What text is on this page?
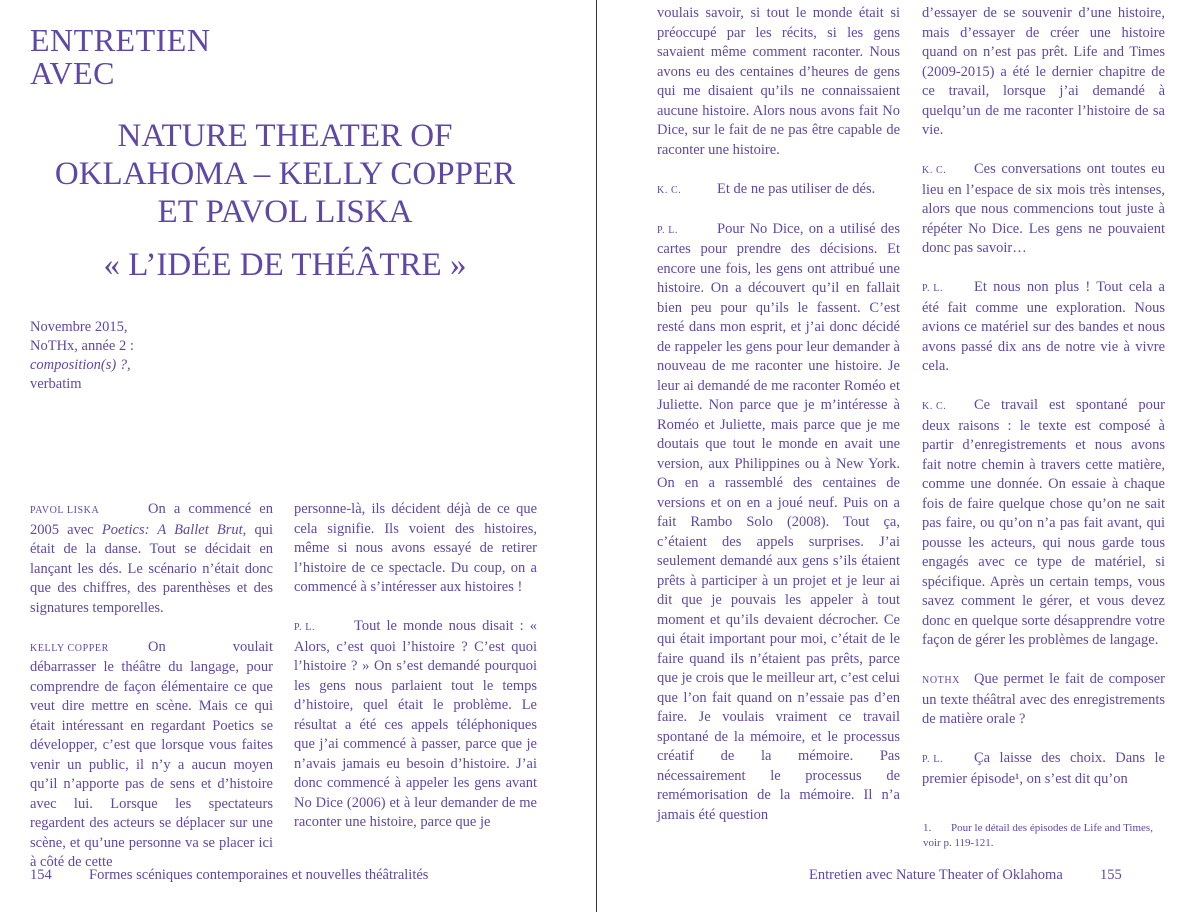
ENTRETIEN
AVEC
NATURE THEATER OF
OKLAHOMA – KELLY COPPER
ET PAVOL LISKA
« L’IDÉE DE THÉÂTRE »
Novembre 2015,
NoTHx, année 2 :
composition(s) ?,
verbatim

PAVOL LISKA	On a commencé en 2005 avec Poetics: A Ballet Brut, qui était de la danse. Tout se décidait en lançant les dés. Le scénario n’était donc que des chiffres, des parenthèses et des signatures temporelles.

KELLY COPPER	On voulait débarrasser le théâtre du langage, pour comprendre de façon élémentaire ce que veut dire mettre en scène. Mais ce qui était intéressant en regardant Poetics se développer, c’est que lorsque vous faites venir un public, il n’y a aucun moyen qu’il n’apporte pas de sens et d’histoire avec lui. Lorsque les spectateurs regardent des acteurs se déplacer sur une scène, et qu’une personne va se placer ici à côté de cette

personne-là, ils décident déjà de ce que cela signifie. Ils voient des histoires, même si nous avons essayé de retirer l’histoire de ce spectacle. Du coup, on a commencé à s’intéresser aux histoires !

P. L.	Tout le monde nous disait : « Alors, c’est quoi l’histoire ? C’est quoi l’histoire ? » On s’est demandé pourquoi les gens nous parlaient tout le temps d’histoire, quel était le problème. Le résultat a été ces appels téléphoniques que j’ai commencé à passer, parce que je n’avais jamais eu besoin d’histoire. J’ai donc commencé à appeler les gens avant No Dice (2006) et à leur demander de me raconter une histoire, parce que je

154	Formes scéniques contemporaines et nouvelles théâtralités

voulais savoir, si tout le monde était si préoccupé par les récits, si les gens savaient même comment raconter. Nous avons eu des centaines d’heures de gens qui me disaient qu’ils ne connaissaient aucune histoire. Alors nous avons fait No Dice, sur le fait de ne pas être capable de raconter une histoire.

K. C. Et de ne pas utiliser de dés.

P. L.	Pour No Dice, on a utilisé des cartes pour prendre des décisions. Et encore une fois, les gens ont attribué une histoire. On a découvert qu’il en fallait bien peu pour qu’ils le fassent. C’est resté dans mon esprit, et j’ai donc décidé de rappeler les gens pour leur demander à nouveau de me raconter une histoire. Je leur ai demandé de me raconter Roméo et Juliette. Non parce que je m’intéresse à Roméo et Juliette, mais parce que je me doutais que tout le monde en avait une version, aux Philippines ou à New York. On en a rassemblé des centaines de versions et on en a joué neuf. Puis on a fait Rambo Solo (2008). Tout ça, c’étaient des appels surprises. J’ai seulement demandé aux gens s’ils étaient prêts à participer à un projet et je leur ai dit que je pouvais les appeler à tout moment et qu’ils devaient décrocher. Ce qui était important pour moi, c’était de le faire quand ils n’étaient pas prêts, parce que je crois que le meilleur art, c’est celui que l’on fait quand on n’essaie pas d’en faire. Je voulais vraiment ce travail spontané de la mémoire, et le processus créatif de la mémoire. Pas nécessairement le processus de remémorisation de la mémoire. Il n’a jamais été question

d’essayer de se souvenir d’une histoire, mais d’essayer de créer une histoire quand on n’est pas prêt. Life and Times (2009-2015) a été le dernier chapitre de ce travail, lorsque j’ai demandé à quelqu’un de me raconter l’histoire de sa vie.

K. C. Ces conversations ont toutes eu lieu en l’espace de six mois très intenses, alors que nous commencions tout juste à répéter No Dice. Les gens ne pouvaient donc pas savoir…

P. L. Et nous non plus ! Tout cela a été fait comme une exploration. Nous avions ce matériel sur des bandes et nous avons passé dix ans de notre vie à vivre cela.

K. C. Ce travail est spontané pour deux raisons : le texte est composé à partir d’enregistrements et nous avons fait notre chemin à travers cette matière, comme une donnée. On essaie à chaque fois de faire quelque chose qu’on ne sait pas faire, ou qu’on n’a pas fait avant, qui pousse les acteurs, qui nous garde tous engagés avec ce type de matériel, si spécifique. Après un certain temps, vous savez comment le gérer, et vous devez donc en quelque sorte désapprendre votre façon de gérer les problèmes de langage.

NOTHX Que permet le fait de composer un texte théâtral avec des enregistrements de matière orale ?

P. L. Ça laisse des choix. Dans le premier épisode¹, on s’est dit qu’on

Entretien avec Nature Theater of Oklahoma	155
1. Pour le détail des épisodes de Life and Times, voir p. 119-121.
